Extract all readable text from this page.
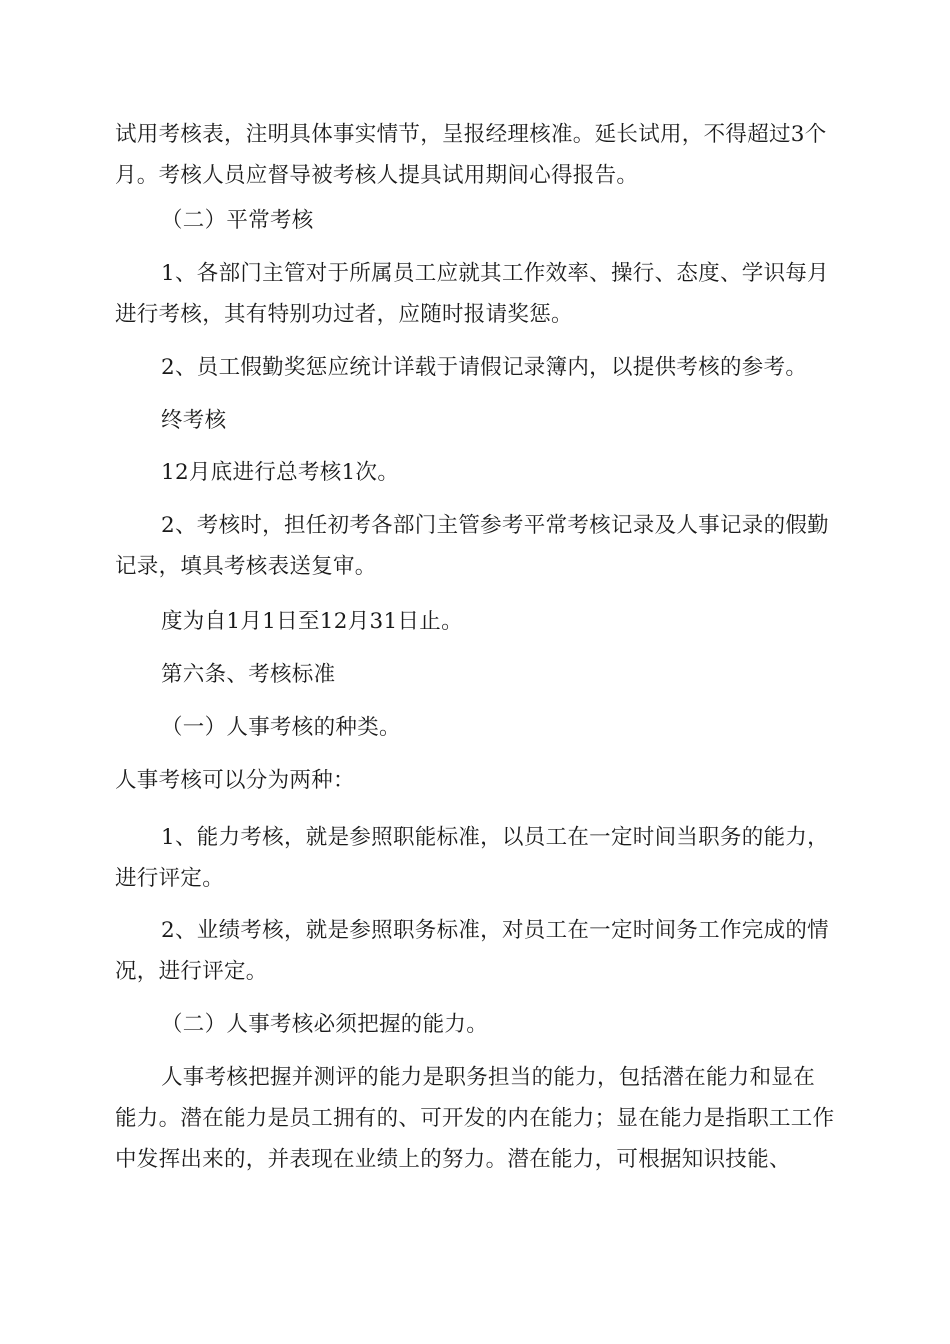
试用考核表，注明具体事实情节，呈报经理核准。延长试用，不得超过3个月。考核人员应督导被考核人提具试用期间心得报告。

（二）平常考核

1、各部门主管对于所属员工应就其工作效率、操行、态度、学识每月进行考核，其有特别功过者，应随时报请奖惩。

2、员工假勤奖惩应统计详载于请假记录簿内，以提供考核的参考。

终考核

12月底进行总考核1次。

2、考核时，担任初考各部门主管参考平常考核记录及人事记录的假勤记录，填具考核表送复审。

度为自1月1日至12月31日止。

第六条、考核标准

（一）人事考核的种类。

人事考核可以分为两种：

1、能力考核，就是参照职能标准，以员工在一定时间当职务的能力，进行评定。

2、业绩考核，就是参照职务标准，对员工在一定时间务工作完成的情况，进行评定。

（二）人事考核必须把握的能力。

人事考核把握并测评的能力是职务担当的能力，包括潜在能力和显在能力。潜在能力是员工拥有的、可开发的内在能力；显在能力是指职工工作中发挥出来的，并表现在业绩上的努力。潜在能力，可根据知识技能、
